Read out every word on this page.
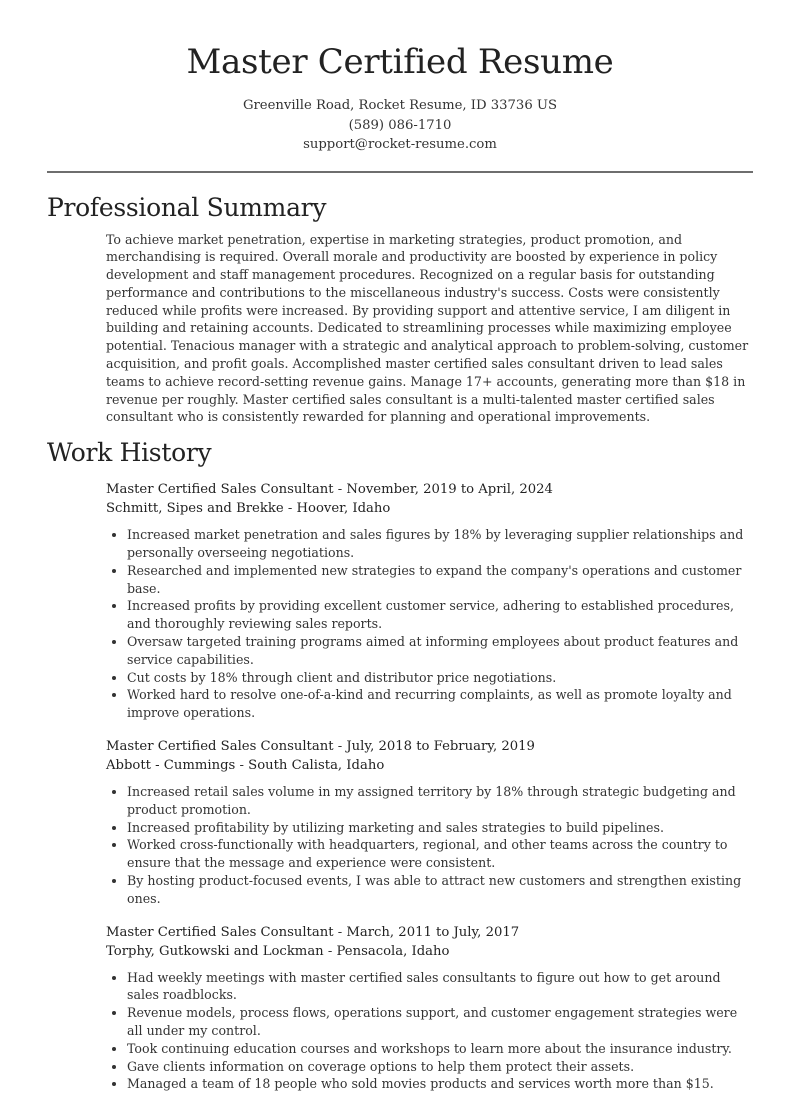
Master Certified Resume
Greenville Road, Rocket Resume, ID 33736 US
(589) 086-1710
support@rocket-resume.com
Professional Summary

To achieve market penetration, expertise in marketing strategies, product promotion, and merchandising is required. Overall morale and productivity are boosted by experience in policy development and staff management procedures. Recognized on a regular basis for outstanding performance and contributions to the miscellaneous industry's success. Costs were consistently reduced while profits were increased. By providing support and attentive service, I am diligent in building and retaining accounts. Dedicated to streamlining processes while maximizing employee potential. Tenacious manager with a strategic and analytical approach to problem-solving, customer acquisition, and profit goals. Accomplished master certified sales consultant driven to lead sales teams to achieve record-setting revenue gains. Manage 17+ accounts, generating more than $18 in revenue per roughly. Master certified sales consultant is a multi-talented master certified sales consultant who is consistently rewarded for planning and operational improvements.

Work History
Master Certified Sales Consultant - November, 2019 to April, 2024
Schmitt, Sipes and Brekke - Hoover, Idaho
• Increased market penetration and sales figures by 18% by leveraging supplier relationships and personally overseeing negotiations.
• Researched and implemented new strategies to expand the company's operations and customer base.
• Increased profits by providing excellent customer service, adhering to established procedures, and thoroughly reviewing sales reports.
• Oversaw targeted training programs aimed at informing employees about product features and service capabilities.
• Cut costs by 18% through client and distributor price negotiations.
• Worked hard to resolve one-of-a-kind and recurring complaints, as well as promote loyalty and improve operations.
Master Certified Sales Consultant - July, 2018 to February, 2019
Abbott - Cummings - South Calista, Idaho
• Increased retail sales volume in my assigned territory by 18% through strategic budgeting and product promotion.
• Increased profitability by utilizing marketing and sales strategies to build pipelines.
• Worked cross-functionally with headquarters, regional, and other teams across the country to ensure that the message and experience were consistent.
• By hosting product-focused events, I was able to attract new customers and strengthen existing ones.
Master Certified Sales Consultant - March, 2011 to July, 2017
Torphy, Gutkowski and Lockman - Pensacola, Idaho
• Had weekly meetings with master certified sales consultants to figure out how to get around sales roadblocks.
• Revenue models, process flows, operations support, and customer engagement strategies were all under my control.
• Took continuing education courses and workshops to learn more about the insurance industry.
• Gave clients information on coverage options to help them protect their assets.
• Managed a team of 18 people who sold movies products and services worth more than $15.
